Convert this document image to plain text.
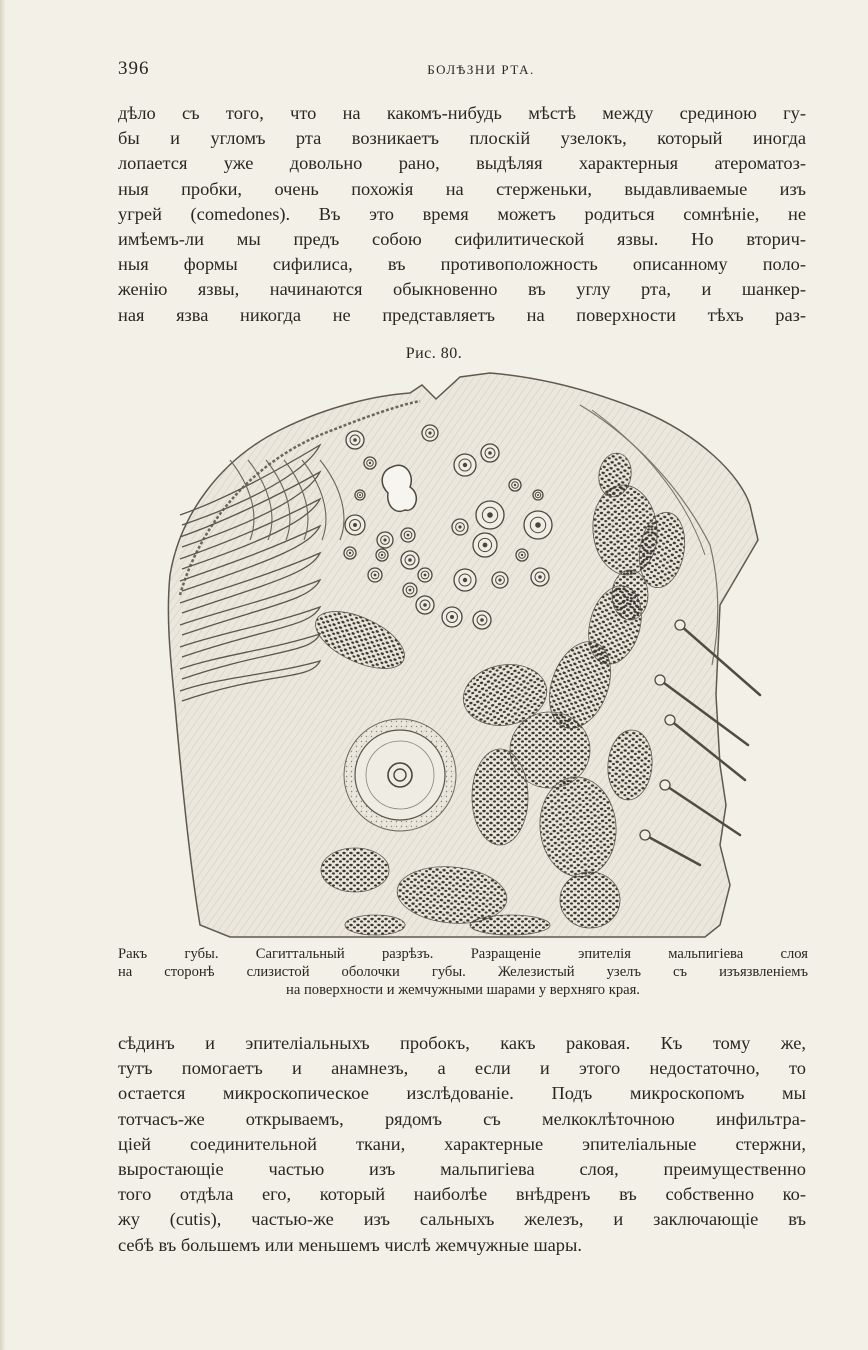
396	БОЛѢЗНИ РТА.
дѣло съ того, что на какомъ-нибудь мѣстѣ между срединою гу-
бы и угломъ рта возникаетъ плоскій узелокъ, который иногда
лопается уже довольно рано, выдѣляя характерныя атероматоз-
ныя пробки, очень похожія на стерженьки, выдавливаемые изъ
угрей (comedones). Въ это время можетъ родиться сомнѣніе, не
имѣемъ-ли мы предъ собою сифилитической язвы. Но вторич-
ныя формы сифилиса, въ противоположность описанному поло-
женію язвы, начинаются обыкновенно въ углу рта, и шанкер-
ная язва никогда не представляетъ на поверхности тѣхъ раз-
Рис. 80.
Ракъ губы. Сагиттальный разрѣзъ. Разращеніе эпителія мальпигіева слоя
на сторонѣ слизистой оболочки губы. Железистый узелъ съ изъязвленіемъ
на поверхности и жемчужными шарами у верхняго края.
сѣдинъ и эпителіальныхъ пробокъ, какъ раковая. Къ тому же,
тутъ помогаетъ и анамнезъ, а если и этого недостаточно, то
остается микроскопическое изслѣдованіе. Подъ микроскопомъ мы
тотчасъ-же открываемъ, рядомъ съ мелкоклѣточною инфильтра-
ціей соединительной ткани, характерные эпителіальные стержни,
выростающіе частью изъ мальпигіева слоя, преимущественно
того отдѣла его, который наиболѣе внѣдренъ въ собственно ко-
жу (cutis), частью-же изъ сальныхъ железъ, и заключающіе въ
себѣ въ большемъ или меньшемъ числѣ жемчужные шары.
